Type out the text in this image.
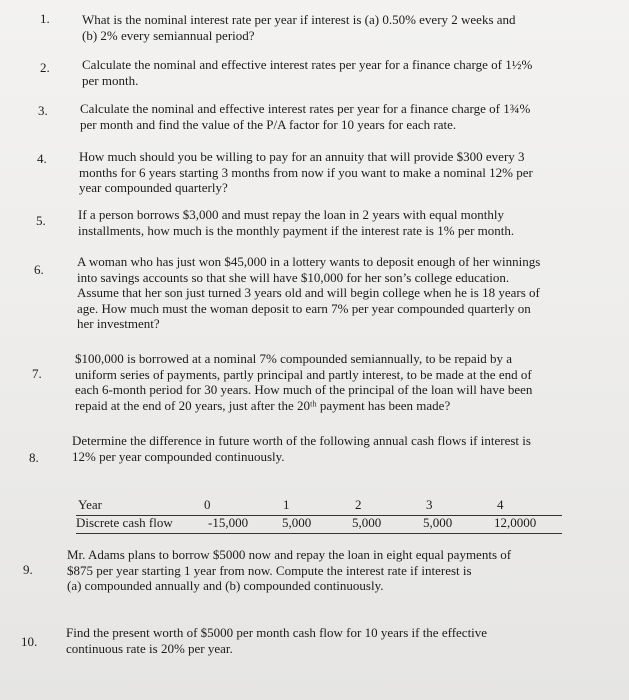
1. What is the nominal interest rate per year if interest is (a) 0.50% every 2 weeks and
(b) 2% every semiannual period?
2. Calculate the nominal and effective interest rates per year for a finance charge of 1½%
per month.
3. Calculate the nominal and effective interest rates per year for a finance charge of 1¾%
per month and find the value of the P/A factor for 10 years for each rate.
4. How much should you be willing to pay for an annuity that will provide $300 every 3
months for 6 years starting 3 months from now if you want to make a nominal 12% per
year compounded quarterly?
5. If a person borrows $3,000 and must repay the loan in 2 years with equal monthly
installments, how much is the monthly payment if the interest rate is 1% per month.
6.
A woman who has just won $45,000 in a lottery wants to deposit enough of her winnings
into savings accounts so that she will have $10,000 for her son’s college education.
Assume that her son just turned 3 years old and will begin college when he is 18 years of
age. How much must the woman deposit to earn 7% per year compounded quarterly on
her investment?
7.
$100,000 is borrowed at a nominal 7% compounded semiannually, to be repaid by a
uniform series of payments, partly principal and partly interest, to be made at the end of
each 6-month period for 30 years. How much of the principal of the loan will have been
repaid at the end of 20 years, just after the 20ᵗʰ payment has been made?
8.
Determine the difference in future worth of the following annual cash flows if interest is
12% per year compounded continuously.
Year	0	1	2	3	4
Discrete cash flow	-15,000	5,000	5,000	5,000	12,0000
9.
Mr. Adams plans to borrow $5000 now and repay the loan in eight equal payments of
$875 per year starting 1 year from now. Compute the interest rate if interest is
(a) compounded annually and (b) compounded continuously.
10.
Find the present worth of $5000 per month cash flow for 10 years if the effective
continuous rate is 20% per year.
